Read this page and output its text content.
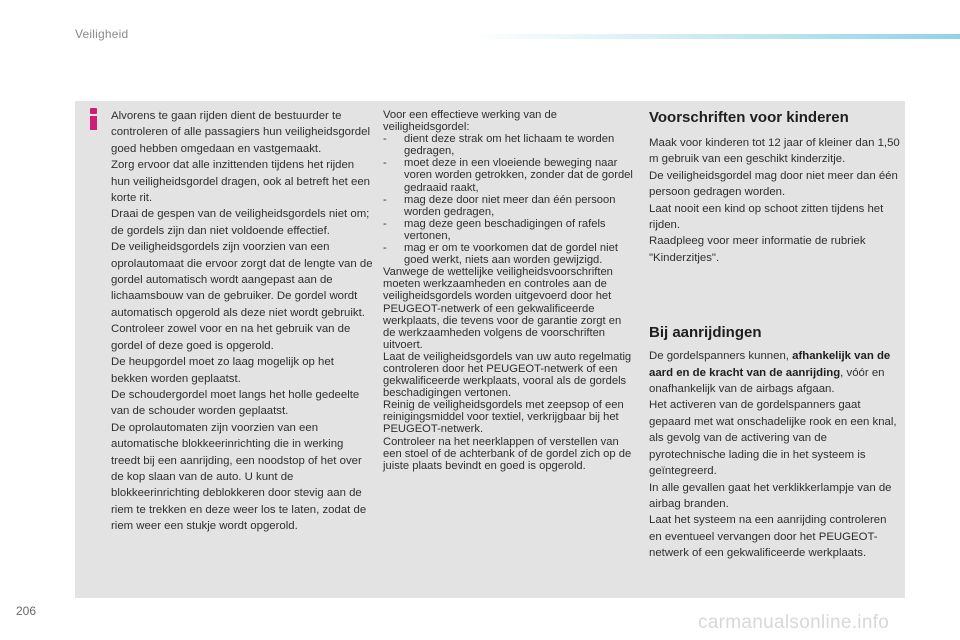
Veiligheid

Alvorens te gaan rijden dient de bestuurder te controleren of alle passagiers hun veiligheidsgordel goed hebben omgedaan en vastgemaakt.

Zorg ervoor dat alle inzittenden tijdens het rijden hun veiligheidsgordel dragen, ook al betreft het een korte rit.

Draai de gespen van de veiligheidsgordels niet om; de gordels zijn dan niet voldoende effectief.

De veiligheidsgordels zijn voorzien van een oprolautomaat die ervoor zorgt dat de lengte van de gordel automatisch wordt aangepast aan de lichaamsbouw van de gebruiker. De gordel wordt automatisch opgerold als deze niet wordt gebruikt.

Controleer zowel voor en na het gebruik van de gordel of deze goed is opgerold.

De heupgordel moet zo laag mogelijk op het bekken worden geplaatst.

De schoudergordel moet langs het holle gedeelte van de schouder worden geplaatst.

De oprolautomaten zijn voorzien van een automatische blokkeerinrichting die in werking treedt bij een aanrijding, een noodstop of het over de kop slaan van de auto. U kunt de blokkeerinrichting deblokkeren door stevig aan de riem te trekken en deze weer los te laten, zodat de riem weer een stukje wordt opgerold.

Voor een effectieve werking van de veiligheidsgordel:

- dient deze strak om het lichaam te worden gedragen,
- moet deze in een vloeiende beweging naar voren worden getrokken, zonder dat de gordel gedraaid raakt,
- mag deze door niet meer dan één persoon worden gedragen,
- mag deze geen beschadigingen of rafels vertonen,
- mag er om te voorkomen dat de gordel niet goed werkt, niets aan worden gewijzigd.

Vanwege de wettelijke veiligheidsvoorschriften moeten werkzaamheden en controles aan de veiligheidsgordels worden uitgevoerd door het PEUGEOT-netwerk of een gekwalificeerde werkplaats, die tevens voor de garantie zorgt en de werkzaamheden volgens de voorschriften uitvoert.

Laat de veiligheidsgordels van uw auto regelmatig controleren door het PEUGEOT-netwerk of een gekwalificeerde werkplaats, vooral als de gordels beschadigingen vertonen.

Reinig de veiligheidsgordels met zeepsop of een reinigingsmiddel voor textiel, verkrijgbaar bij het PEUGEOT-netwerk.

Controleer na het neerklappen of verstellen van een stoel of de achterbank of de gordel zich op de juiste plaats bevindt en goed is opgerold.

Voorschriften voor kinderen

Maak voor kinderen tot 12 jaar of kleiner dan 1,50 m gebruik van een geschikt kinderzitje.

De veiligheidsgordel mag door niet meer dan één persoon gedragen worden.

Laat nooit een kind op schoot zitten tijdens het rijden.

Raadpleeg voor meer informatie de rubriek "Kinderzitjes".

Bij aanrijdingen

De gordelspanners kunnen, afhankelijk van de aard en de kracht van de aanrijding, vóór en onafhankelijk van de airbags afgaan.

Het activeren van de gordelspanners gaat gepaard met wat onschadelijke rook en een knal, als gevolg van de activering van de pyrotechnische lading die in het systeem is geïntegreerd.

In alle gevallen gaat het verklikkerlampje van de airbag branden.

Laat het systeem na een aanrijding controleren en eventueel vervangen door het PEUGEOT-netwerk of een gekwalificeerde werkplaats.

206
carmanualsonline.info
